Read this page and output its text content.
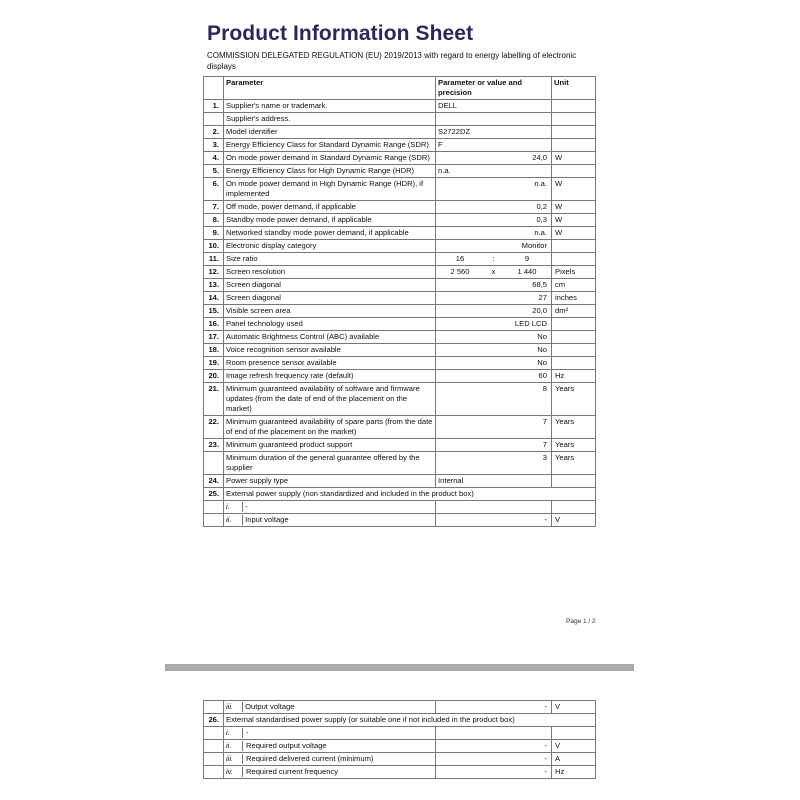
Product Information Sheet
COMMISSION DELEGATED REGULATION (EU) 2019/2013 with regard to energy labelling of electronic displays
	Parameter	Parameter or value and precision	Unit
1.	Supplier's name or trademark.	DELL	
	Supplier's address.		
2.	Model identifier	S2722DZ	
3.	Energy Efficiency Class for Standard Dynamic Range (SDR)	F	
4.	On mode power demand in Standard Dynamic Range (SDR)	24,0	W
5.	Energy Efficiency Class for High Dynamic Range (HDR)	n.a.	
6.	On mode power demand in High Dynamic Range (HDR), if implemented	n.a.	W
7.	Off mode, power demand, if applicable	0,2	W
8.	Standby mode power demand, if applicable	0,3	W
9.	Networked standby mode power demand, if applicable	n.a.	W
10.	Electronic display category	Monitor	
11.	Size ratio	16 : 9	

12.	Screen resolution	2 560 x 1 440	Pixels
13.	Screen diagonal	68,5	cm
14.	Screen diagonal	27	inches
15.	Visible screen area	20,0	dm²
16.	Panel technology used	LED LCD	
17.	Automatic Brightness Control (ABC) available	No	
18.	Voice recognition sensor available	No	
19.	Room presence sensor available	No	
20.	Image refresh frequency rate (default)	60	Hz
21.	Minimum guaranteed availability of software and firmware updates (from the date of end of the placement on the market)	8	Years
22.	Minimum guaranteed availability of spare parts (from the date of end of the placement on the market)	7	Years
23.	Minimum guaranteed product support	7	Years
	Minimum duration of the general guarantee offered by the supplier	3	Years
24.	Power supply type	Internal	
25.	External power supply (non standardized and included in the product box)		
	i. -		
	ii. Input voltage	-	V
Page 1 / 2
	iii. Output voltage	-	V
26.	External standardised power supply (or suitable one if not included in the product box)		
	i. -		
	ii. Required output voltage	-	V
	iii. Required delivered current (minimum)	-	A
	iv. Required current frequency	-	Hz
